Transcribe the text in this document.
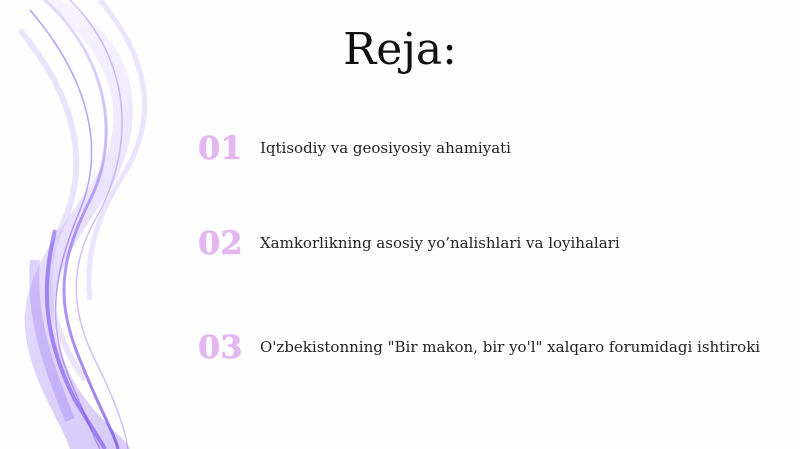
Reja:
01	Iqtisodiy va geosiyosiy ahamiyati
02	Xamkorlikning asosiy yo’nalishlari va loyihalari
03	O'zbekistonning "Bir makon, bir yo'l" xalqaro forumidagi ishtiroki
